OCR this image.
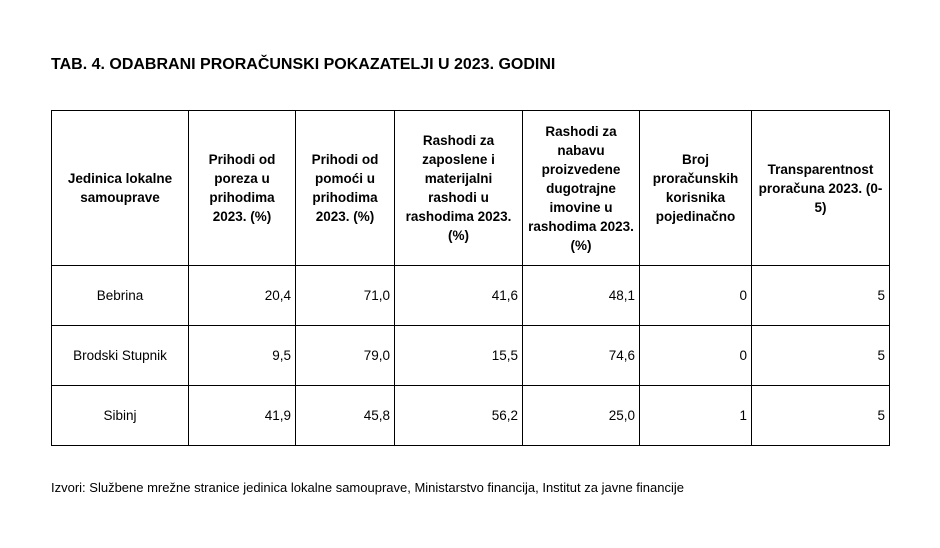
TAB. 4. ODABRANI PRORAČUNSKI POKAZATELJI U 2023. GODINI
Jedinica lokalne samouprave	Prihodi od poreza u prihodima 2023. (%)	Prihodi od pomoći u prihodima 2023. (%)	Rashodi za zaposlene i materijalni rashodi u rashodima 2023. (%)	Rashodi za nabavu proizvedene dugotrajne imovine u rashodima 2023. (%)	Broj proračunskih korisnika pojedinačno	Transparentnost proračuna 2023. (0-5)
Bebrina	20,4	71,0	41,6	48,1	0	5
Brodski Stupnik	9,5	79,0	15,5	74,6	0	5
Sibinj	41,9	45,8	56,2	25,0	1	5
Izvori: Službene mrežne stranice jedinica lokalne samouprave, Ministarstvo financija, Institut za javne financije
